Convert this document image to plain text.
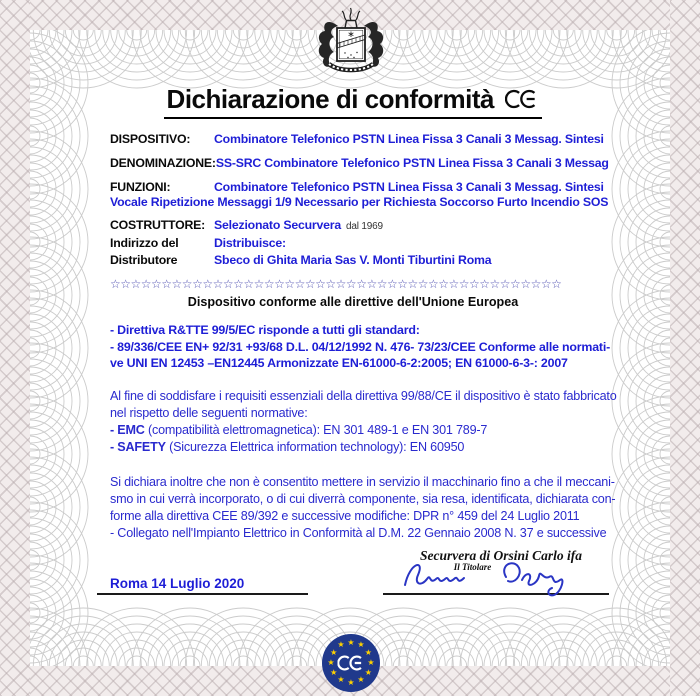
Dichiarazione di conformità
DISPOSITIVO:	Combinatore Telefonico PSTN Linea Fissa 3 Canali 3 Messag. Sintesi
DENOMINAZIONE: SS-SRC Combinatore Telefonico PSTN Linea Fissa 3 Canali 3 Messag
FUNZIONI:	Combinatore Telefonico PSTN Linea Fissa 3 Canali 3 Messag. Sintesi
Vocale Ripetizione Messaggi 1/9 Necessario per Richiesta Soccorso Furto Incendio SOS
COSTRUTTORE: Selezionato Securvera dal 1969
Indirizzo del	Distribuisce:
Distributore	Sbeco di Ghita Maria Sas V. Monti Tiburtini Roma
☆☆☆☆☆☆☆☆☆☆☆☆☆☆☆☆☆☆☆☆☆☆☆☆☆☆☆☆☆☆☆☆☆☆☆☆☆☆☆☆☆☆☆☆
Dispositivo conforme alle direttive dell'Unione Europea
- Direttiva R&TTE 99/5/EC risponde a tutti gli standard:
- 89/336/CEE EN+ 92/31 +93/68 D.L. 04/12/1992 N. 476- 73/23/CEE Conforme alle normati-
ve UNI EN 12453 –EN12445 Armonizzate EN-61000-6-2:2005; EN 61000-6-3-: 2007
Al fine di soddisfare i requisiti essenziali della direttiva 99/88/CE il dispositivo è stato fabbricato
nel rispetto delle seguenti normative:
- EMC (compatibilità elettromagnetica): EN 301 489-1 e EN 301 789-7
- SAFETY (Sicurezza Elettrica information technology): EN 60950
Si dichiara inoltre che non è consentito mettere in servizio il macchinario fino a che il meccani-
smo in cui verrà incorporato, o di cui diverrà componente, sia resa, identificata, dichiarata con-
forme alla direttiva CEE 89/392 e successive modifiche: DPR n° 459 del 24 Luglio 2011
- Collegato nell'Impianto Elettrico in Conformità al D.M. 22 Gennaio 2008 N. 37 e successive
Securvera di Orsini Carlo ifa
Il Titolare
Roma 14 Luglio 2020
★ ★
★
★
★
★
★
★
★
★
★
★
